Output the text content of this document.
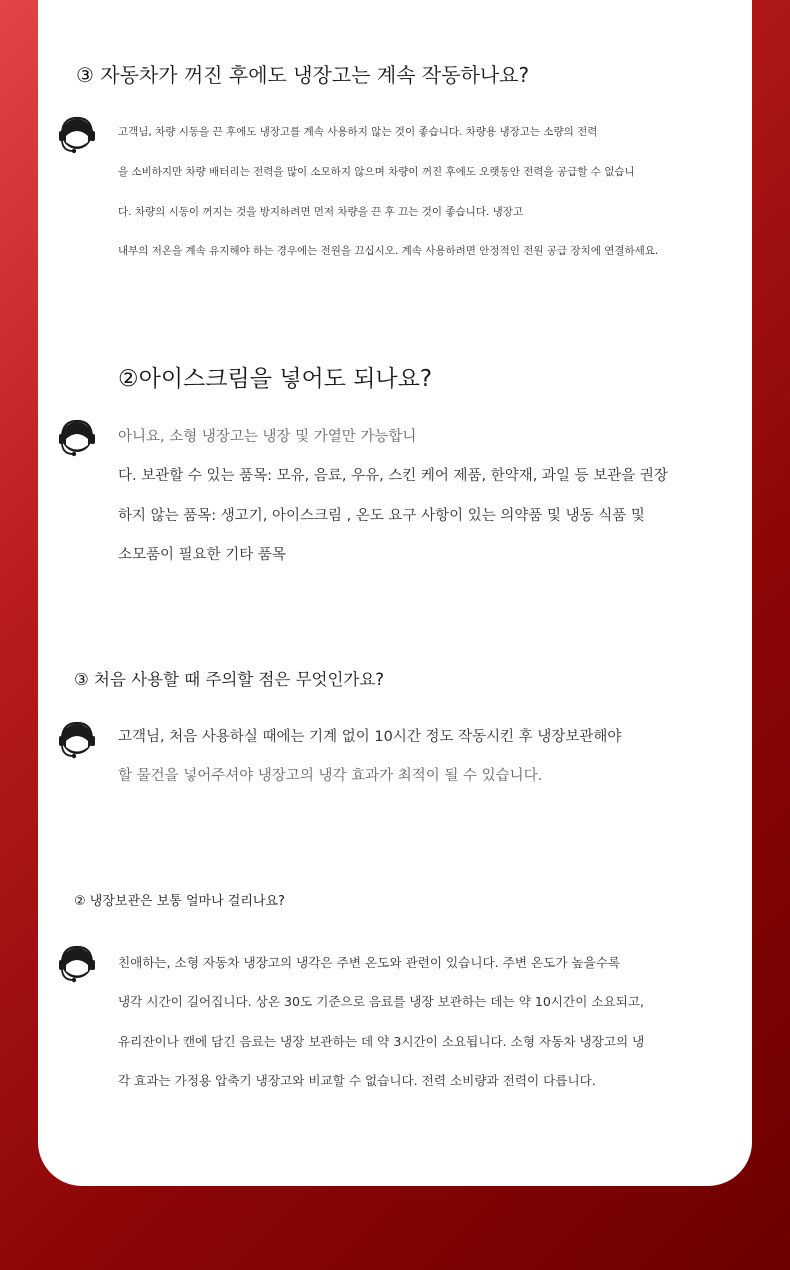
③ 자동차가 꺼진 후에도 냉장고는 계속 작동하나요?
고객님, 차량 시동을 끈 후에도 냉장고를 계속 사용하지 않는 것이 좋습니다. 차량용 냉장고는 소량의 전력
을 소비하지만 차량 배터리는 전력을 많이 소모하지 않으며 차량이 꺼진 후에도 오랫동안 전력을 공급할 수 없습니
다. 차량의 시동이 꺼지는 것을 방지하려면 먼저 차량을 끈 후 끄는 것이 좋습니다. 냉장고
내부의 저온을 계속 유지해야 하는 경우에는 전원을 끄십시오. 계속 사용하려면 안정적인 전원 공급 장치에 연결하세요.
②아이스크림을 넣어도 되나요?
아니요, 소형 냉장고는 냉장 및 가열만 가능합니
다. 보관할 수 있는 품목: 모유, 음료, 우유, 스킨 케어 제품, 한약재, 과일 등 보관을 권장
하지 않는 품목: 생고기, 아이스크림 , 온도 요구 사항이 있는 의약품 및 냉동 식품 및
소모품이 필요한 기타 품목
③ 처음 사용할 때 주의할 점은 무엇인가요?
고객님, 처음 사용하실 때에는 기계 없이 10시간 정도 작동시킨 후 냉장보관해야
할 물건을 넣어주셔야 냉장고의 냉각 효과가 최적이 될 수 있습니다.
② 냉장보관은 보통 얼마나 걸리나요?
친애하는, 소형 자동차 냉장고의 냉각은 주변 온도와 관련이 있습니다. 주변 온도가 높을수록
냉각 시간이 길어집니다. 상온 30도 기준으로 음료를 냉장 보관하는 데는 약 10시간이 소요되고,
유리잔이나 캔에 담긴 음료는 냉장 보관하는 데 약 3시간이 소요됩니다. 소형 자동차 냉장고의 냉
각 효과는 가정용 압축기 냉장고와 비교할 수 없습니다. 전력 소비량과 전력이 다릅니다.
